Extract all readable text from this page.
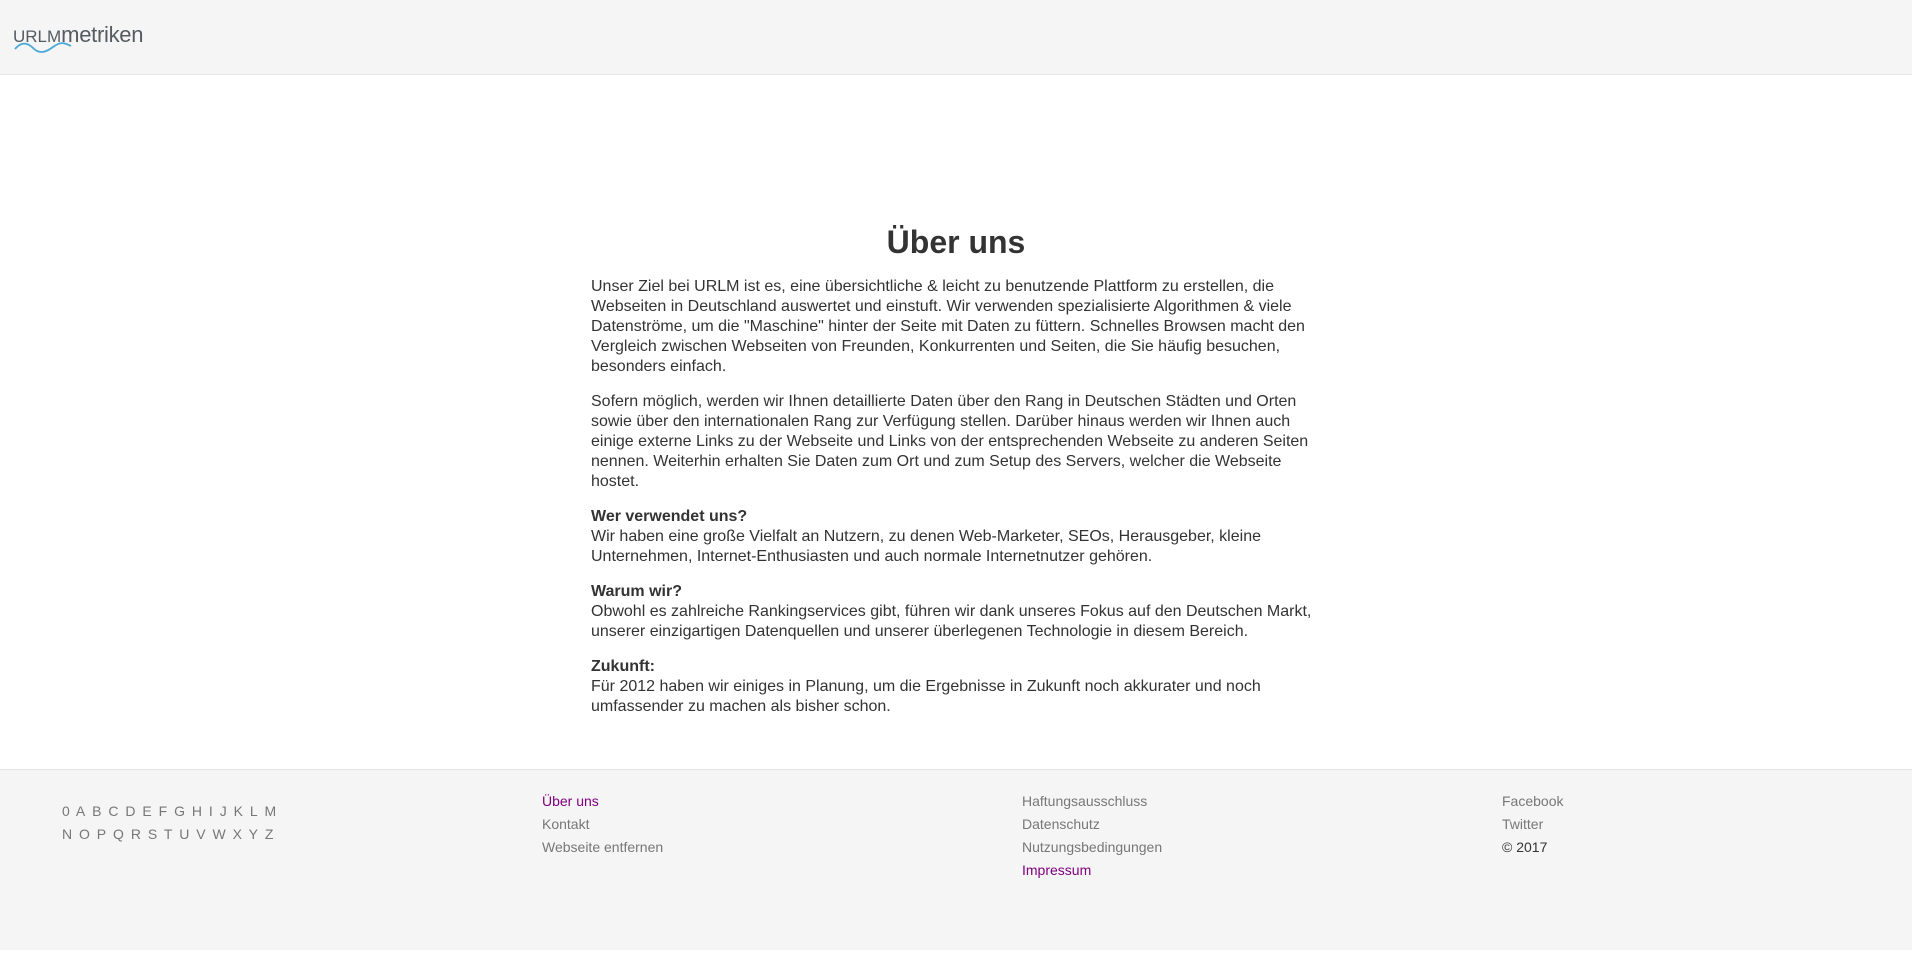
URLMmetriken
Über uns

Unser Ziel bei URLM ist es, eine übersichtliche & leicht zu benutzende Plattform zu erstellen, die Webseiten in Deutschland auswertet und einstuft. Wir verwenden spezialisierte Algorithmen & viele Datenströme, um die "Maschine" hinter der Seite mit Daten zu füttern. Schnelles Browsen macht den Vergleich zwischen Webseiten von Freunden, Konkurrenten und Seiten, die Sie häufig besuchen, besonders einfach.

Sofern möglich, werden wir Ihnen detaillierte Daten über den Rang in Deutschen Städten und Orten sowie über den internationalen Rang zur Verfügung stellen. Darüber hinaus werden wir Ihnen auch einige externe Links zu der Webseite und Links von der entsprechenden Webseite zu anderen Seiten nennen. Weiterhin erhalten Sie Daten zum Ort und zum Setup des Servers, welcher die Webseite hostet.

Wer verwendet uns?
Wir haben eine große Vielfalt an Nutzern, zu denen Web-Marketer, SEOs, Herausgeber, kleine Unternehmen, Internet-Enthusiasten und auch normale Internetnutzer gehören.

Warum wir?
Obwohl es zahlreiche Rankingservices gibt, führen wir dank unseres Fokus auf den Deutschen Markt, unserer einzigartigen Datenquellen und unserer überlegenen Technologie in diesem Bereich.

Zukunft:
Für 2012 haben wir einiges in Planung, um die Ergebnisse in Zukunft noch akkurater und noch umfassender zu machen als bisher schon.

0 A B C D E F G H I J K L M
N O P Q R S T U V W X Y Z
Über uns
Kontakt
Webseite entfernen
Haftungsausschluss
Datenschutz
Nutzungsbedingungen
Impressum
Facebook
Twitter
© 2017
